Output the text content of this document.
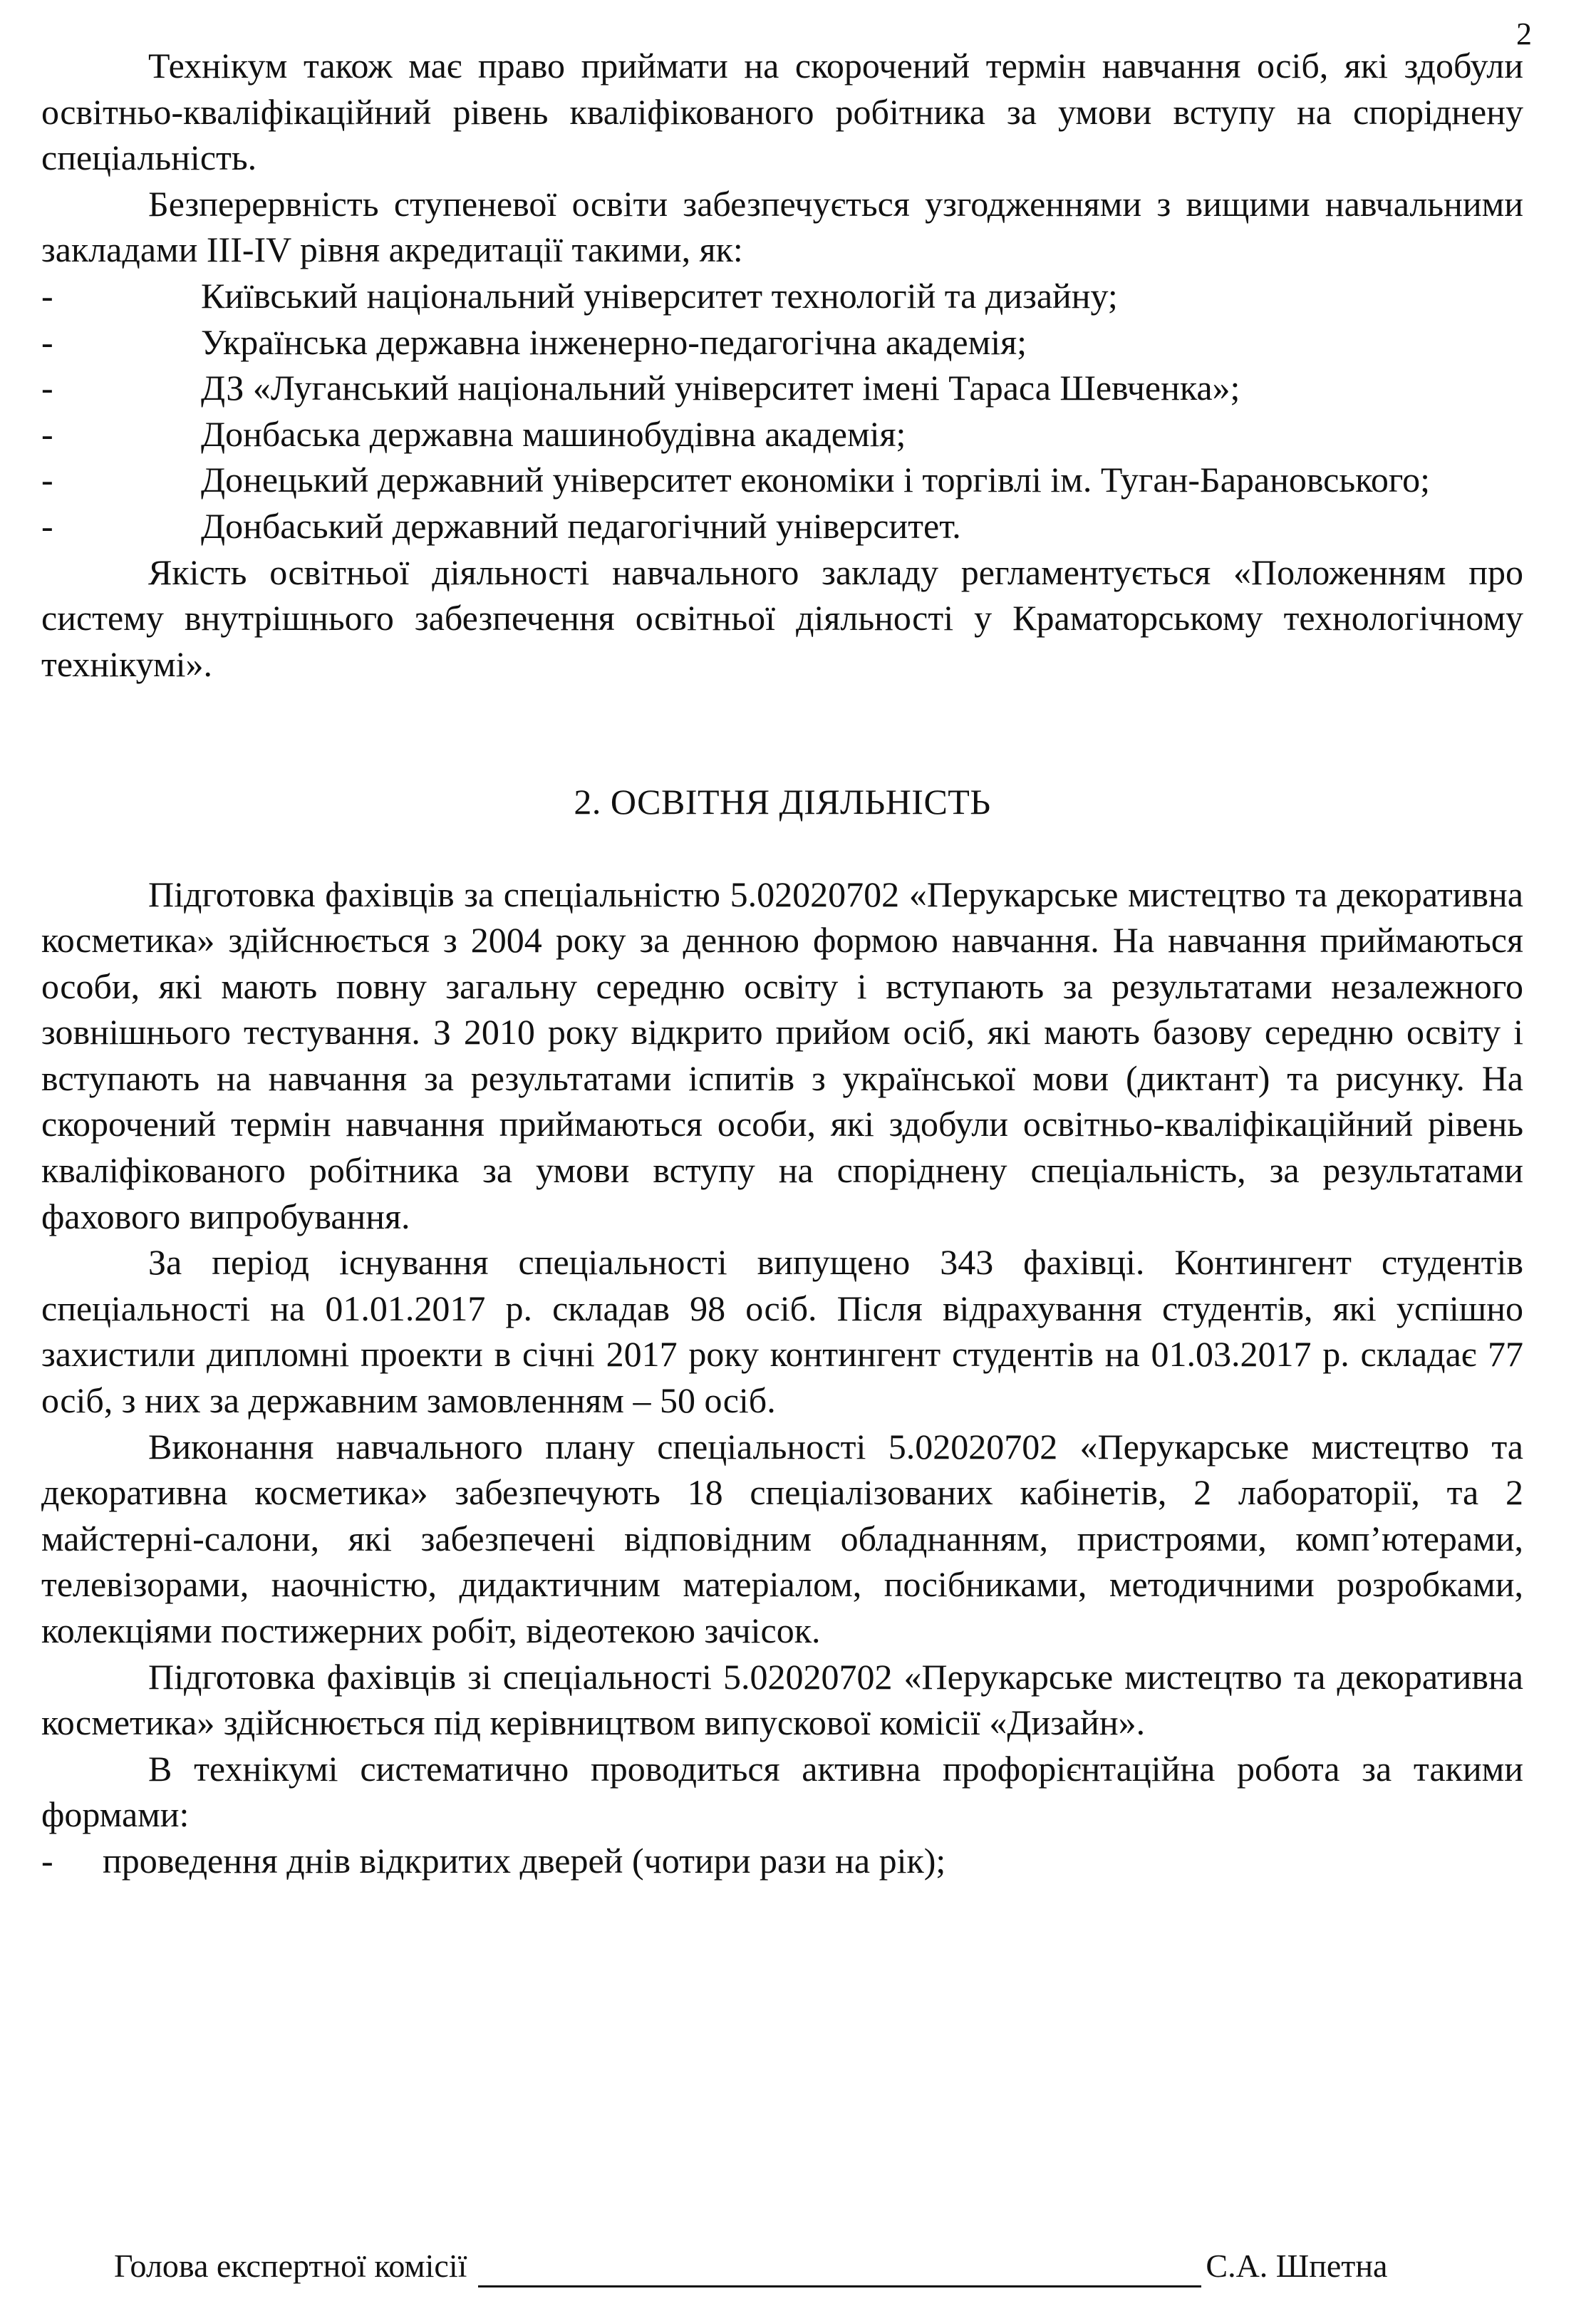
2

Технікум також має право приймати на скорочений термін навчання осіб, які здобули освітньо-кваліфікаційний рівень кваліфікованого робітника за умови вступу на споріднену спеціальність.

Безперервність ступеневої освіти забезпечується узгодженнями з вищими навчальними закладами ІІІ-IV рівня акредитації такими, як:

-	Київський національний університет технологій та дизайну;
-	Українська державна інженерно-педагогічна академія;
-	ДЗ «Луганський національний університет імені Тараса Шевченка»;
-	Донбаська державна машинобудівна академія;
-	Донецький державний університет економіки і торгівлі ім. Туган-Барановського;
-	Донбаський державний педагогічний університет.

Якість освітньої діяльності навчального закладу регламентується «Положенням про систему внутрішнього забезпечення освітньої діяльності у Краматорському технологічному технікумі».

2. ОСВІТНЯ ДІЯЛЬНІСТЬ

Підготовка фахівців за спеціальністю 5.02020702 «Перукарське мистецтво та декоративна косметика» здійснюється з 2004 року за денною формою навчання. На навчання приймаються особи, які мають повну загальну середню освіту і вступають за результатами незалежного зовнішнього тестування. З 2010 року відкрито прийом осіб, які мають базову середню освіту і вступають на навчання за результатами іспитів з української мови (диктант) та рисунку. На скорочений термін навчання приймаються особи, які здобули освітньо-кваліфікаційний рівень кваліфікованого робітника за умови вступу на споріднену спеціальність, за результатами фахового випробування.

За період існування спеціальності випущено 343 фахівці. Контингент студентів спеціальності на 01.01.2017 р. складав 98 осіб. Після відрахування студентів, які успішно захистили дипломні проекти в січні 2017 року контингент студентів на 01.03.2017 р. складає 77 осіб, з них за державним замовленням – 50 осіб.

Виконання навчального плану спеціальності 5.02020702 «Перукарське мистецтво та декоративна косметика» забезпечують 18 спеціалізованих кабінетів, 2 лабораторії, та 2 майстерні-салони, які забезпечені відповідним обладнанням, пристроями, комп’ютерами, телевізорами, наочністю, дидактичним матеріалом, посібниками, методичними розробками, колекціями постижерних робіт, відеотекою зачісок.

Підготовка фахівців зі спеціальності 5.02020702 «Перукарське мистецтво та декоративна косметика» здійснюється під керівництвом випускової комісії «Дизайн».

В технікумі систематично проводиться активна профорієнтаційна робота за такими формами:

- проведення днів відкритих дверей (чотири рази на рік);
Голова експертної комісії	С.А. Шпетна
